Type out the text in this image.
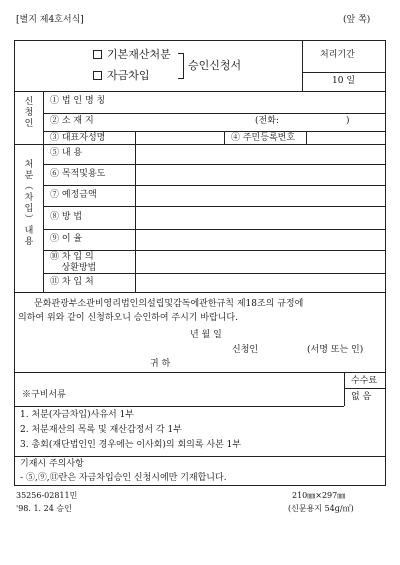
[별지 제4호서식]	(앞 쪽)
기본재산처분
자금차입
승인신청서
처리기간
10 일
신청인
① 법 인 명 칭
② 소 재 지	(전화:	)
③ 대표자성명	④ 주민등록번호
처
분
︵
차
입
︶
내
용
⑤ 내 용
⑥ 목적및용도
⑦ 예정금액
⑧ 방 법
⑨ 이 율
⑩ 차 입 의
상환방법
⑪ 차 입 처
문화관광부소관비영리법인의설립및감독에관한규칙 제18조의 규정에
의하여 위와 같이 신청하오니 승인하여 주시기 바랍니다.
년 월 일
신청인	(서명 또는 인)
귀 하
수수료
없 음
※구비서류
1. 처분(자금차입)사유서 1부
2. 처분재산의 목록 및 재산감정서 각 1부
3. 총회(재단법인인 경우에는 이사회)의 회의록 사본 1부
기재시 주의사항
- ⑤,⑨,⑪란은 자금차입승인 신청시에만 기재합니다.
35256-02811민
'98. 1. 24 승인
210㎜×297㎜
(신문용지 54g/㎡)
